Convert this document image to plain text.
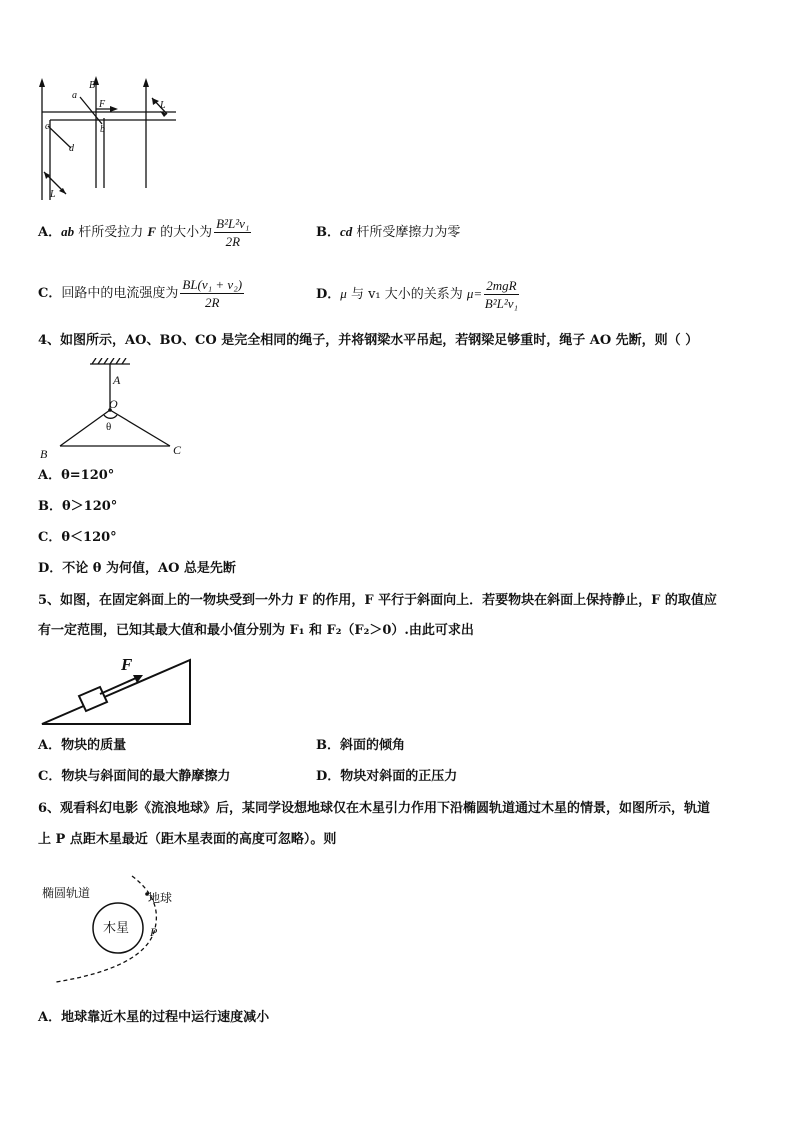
B
a
F
b
L
c
d
L
A．ab 杆所受拉力 F 的大小为 $\frac{\text{B²L²v₁}}{2R}$	B．cd 杆所受摩擦力为零
C．回路中的电流强度为 $\frac{\text{BL(v₁ + v₂)}}{2R}$	D．μ 与 v₁ 大小的关系为 $\mu= \frac{\text{2mgR}}{\text{B²L²v₁}}$
4、如图所示，AO、BO、CO 是完全相同的绳子，并将钢梁水平吊起，若钢梁足够重时，绳子 AO 先断，则（ ）
A
O
θ
B	C
A．θ=120°
B．θ＞120°
C．θ＜120°
D．不论 θ 为何值，AO 总是先断
5、如图，在固定斜面上的一物块受到一外力 F 的作用，F 平行于斜面向上．若要物块在斜面上保持静止，F 的取值应
有一定范围，已知其最大值和最小值分别为 F₁ 和 F₂（F₂＞0）.由此可求出
F
A．物块的质量	B．斜面的倾角
C．物块与斜面间的最大静摩擦力	D．物块对斜面的正压力
6、观看科幻电影《流浪地球》后，某同学设想地球仅在木星引力作用下沿椭圆轨道通过木星的情景，如图所示，轨道
上 P 点距木星最近（距木星表面的高度可忽略）。则
椭圆轨道	地球
木星 P
A．地球靠近木星的过程中运行速度减小
